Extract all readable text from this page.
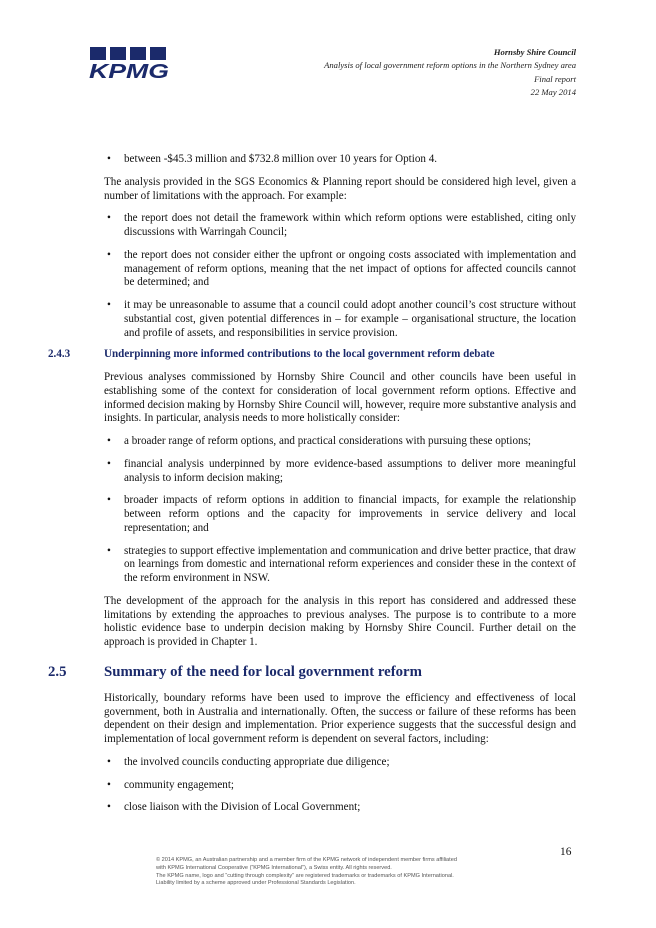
KPMG
Hornsby Shire Council
Analysis of local government reform options in the Northern Sydney area
Final report
22 May 2014
• between -$45.3 million and $732.8 million over 10 years for Option 4.

The analysis provided in the SGS Economics & Planning report should be considered high level, given a number of limitations with the approach. For example:

• the report does not detail the framework within which reform options were established, citing only discussions with Warringah Council;
• the report does not consider either the upfront or ongoing costs associated with implementation and management of reform options, meaning that the net impact of options for affected councils cannot be determined; and
• it may be unreasonable to assume that a council could adopt another council’s cost structure without substantial cost, given potential differences in – for example – organisational structure, the location and profile of assets, and responsibilities in service provision.
2.4.3	Underpinning more informed contributions to the local government reform debate

Previous analyses commissioned by Hornsby Shire Council and other councils have been useful in establishing some of the context for consideration of local government reform options. Effective and informed decision making by Hornsby Shire Council will, however, require more substantive analysis and insights. In particular, analysis needs to more holistically consider:

• a broader range of reform options, and practical considerations with pursuing these options;
• financial analysis underpinned by more evidence-based assumptions to deliver more meaningful analysis to inform decision making;
• broader impacts of reform options in addition to financial impacts, for example the relationship between reform options and the capacity for improvements in service delivery and local representation; and
• strategies to support effective implementation and communication and drive better practice, that draw on learnings from domestic and international reform experiences and consider these in the context of the reform environment in NSW.

The development of the approach for the analysis in this report has considered and addressed these limitations by extending the approaches to previous analyses. The purpose is to contribute to a more holistic evidence base to underpin decision making by Hornsby Shire Council. Further detail on the approach is provided in Chapter 1.

2.5	Summary of the need for local government reform

Historically, boundary reforms have been used to improve the efficiency and effectiveness of local government, both in Australia and internationally. Often, the success or failure of these reforms has been dependent on their design and implementation. Prior experience suggests that the successful design and implementation of local government reform is dependent on several factors, including:

• the involved councils conducting appropriate due diligence;
• community engagement;
• close liaison with the Division of Local Government;
16
© 2014 KPMG, an Australian partnership and a member firm of the KPMG network of independent member firms affiliated
with KPMG International Cooperative (“KPMG International”), a Swiss entity. All rights reserved.
The KPMG name, logo and “cutting through complexity” are registered trademarks or trademarks of KPMG International.
Liability limited by a scheme approved under Professional Standards Legislation.
